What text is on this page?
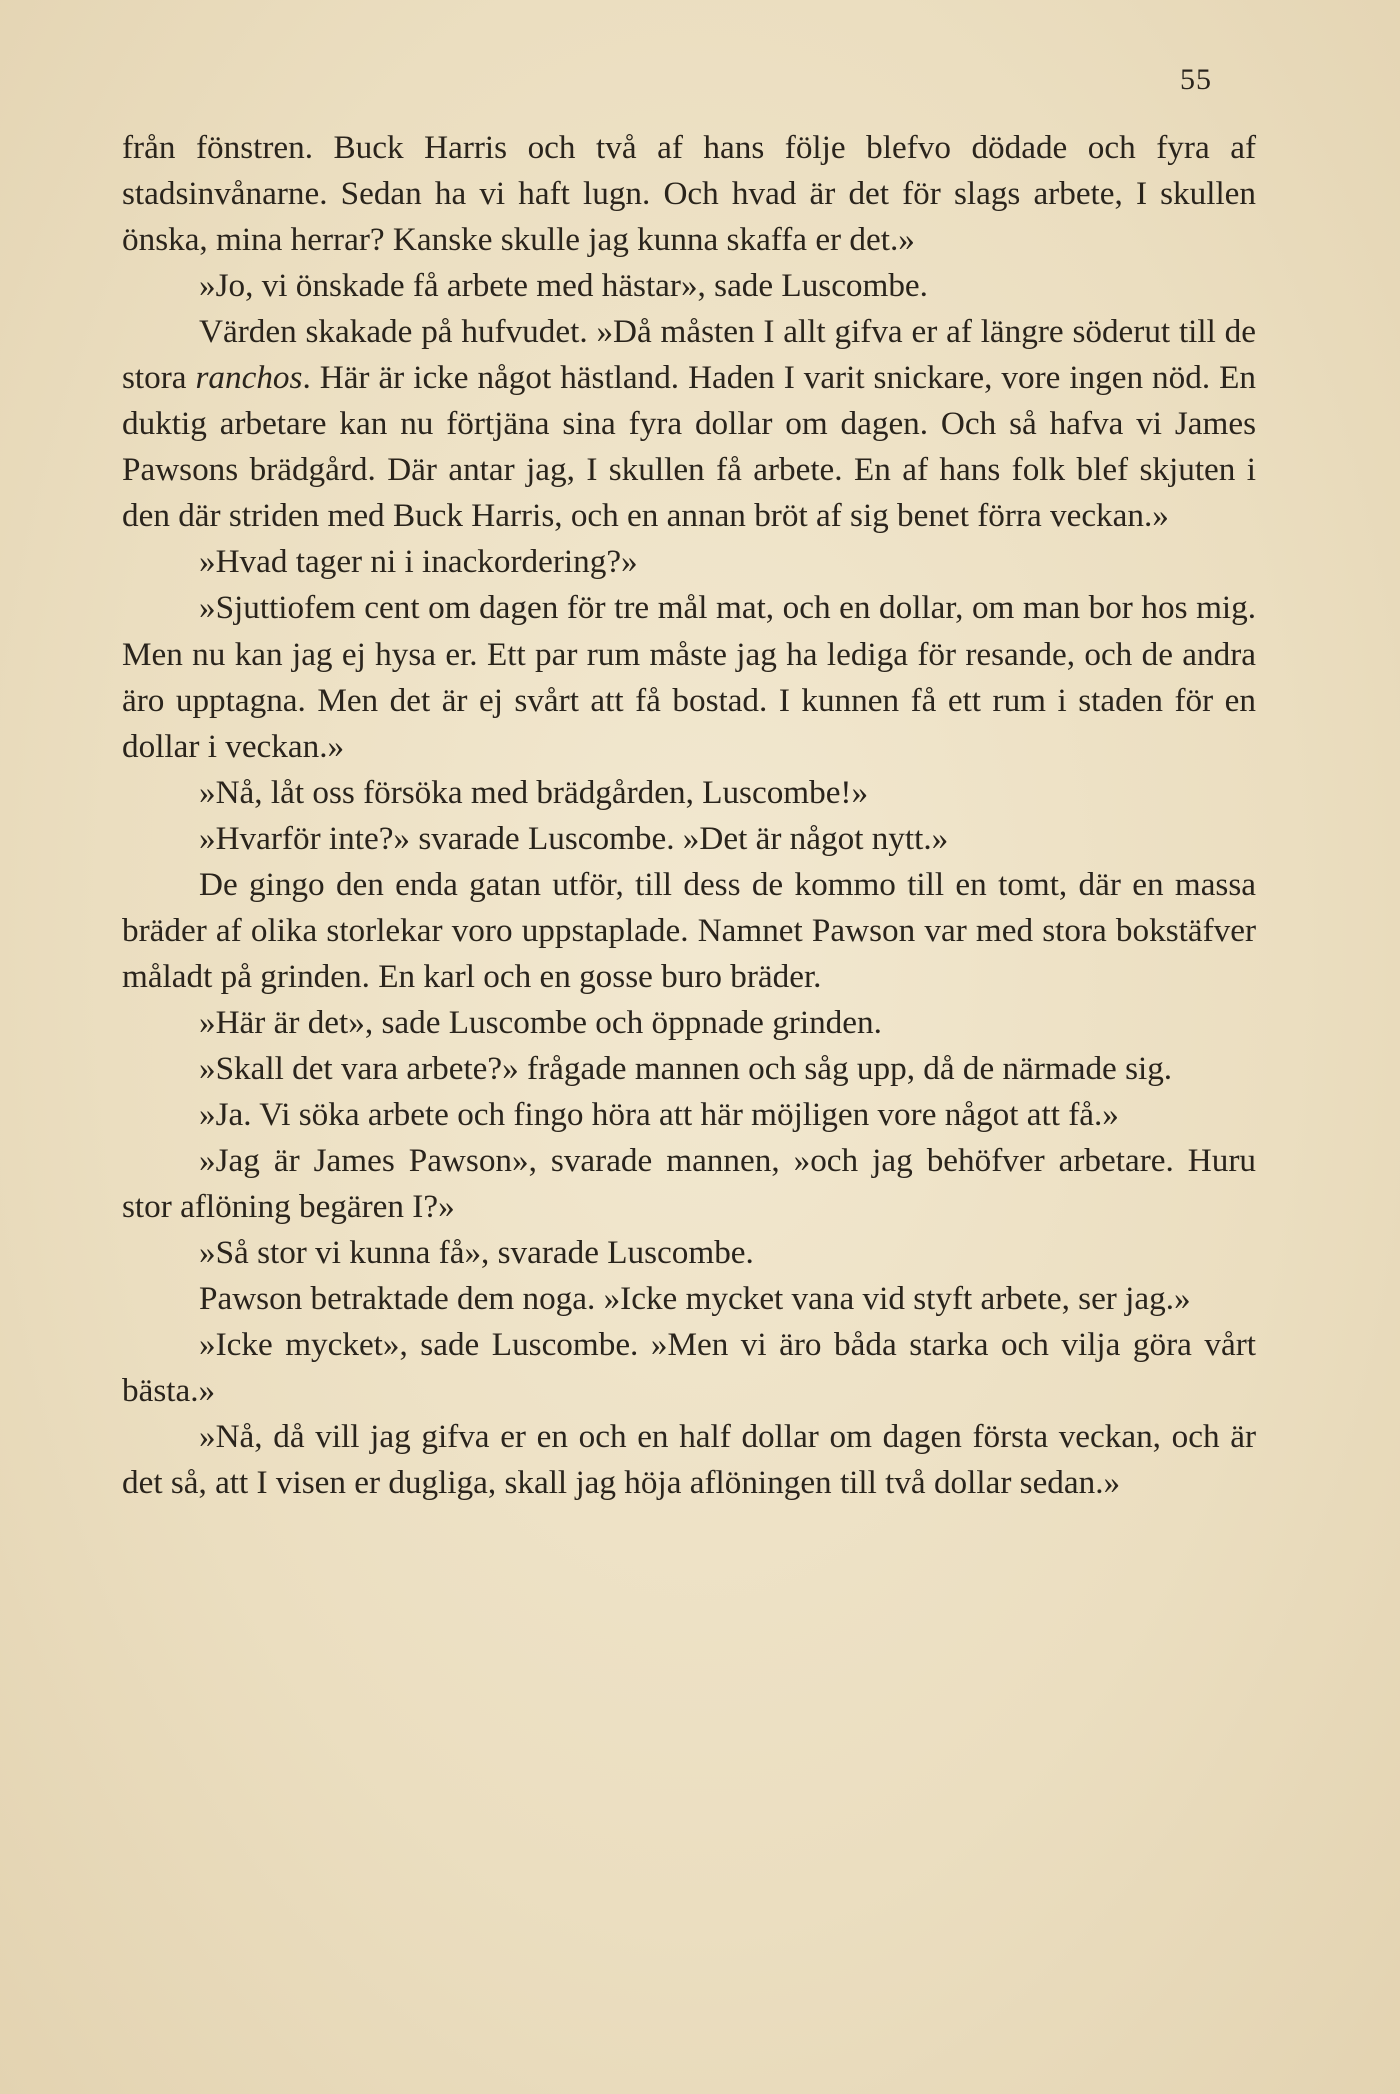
55

från fönstren. Buck Harris och två af hans följe blefvo dödade och fyra af stadsinvånarne. Sedan ha vi haft lugn. Och hvad är det för slags arbete, I skullen önska, mina herrar? Kanske skulle jag kunna skaffa er det.»

»Jo, vi önskade få arbete med hästar», sade Luscombe.

Värden skakade på hufvudet. »Då måsten I allt gifva er af längre söderut till de stora ranchos. Här är icke något hästland. Haden I varit snickare, vore ingen nöd. En duktig arbetare kan nu förtjäna sina fyra dollar om dagen. Och så hafva vi James Pawsons brädgård. Där antar jag, I skullen få arbete. En af hans folk blef skjuten i den där striden med Buck Harris, och en annan bröt af sig benet förra veckan.»

»Hvad tager ni i inackordering?»

»Sjuttiofem cent om dagen för tre mål mat, och en dollar, om man bor hos mig. Men nu kan jag ej hysa er. Ett par rum måste jag ha lediga för resande, och de andra äro upptagna. Men det är ej svårt att få bostad. I kunnen få ett rum i staden för en dollar i veckan.»

»Nå, låt oss försöka med brädgården, Luscombe!»

»Hvarför inte?» svarade Luscombe. »Det är något nytt.»

De gingo den enda gatan utför, till dess de kommo till en tomt, där en massa bräder af olika storlekar voro uppstaplade. Namnet Pawson var med stora bokstäfver måladt på grinden. En karl och en gosse buro bräder.

»Här är det», sade Luscombe och öppnade grinden.

»Skall det vara arbete?» frågade mannen och såg upp, då de närmade sig.

»Ja. Vi söka arbete och fingo höra att här möjligen vore något att få.»

»Jag är James Pawson», svarade mannen, »och jag behöfver arbetare. Huru stor aflöning begären I?»

»Så stor vi kunna få», svarade Luscombe.

Pawson betraktade dem noga. »Icke mycket vana vid styft arbete, ser jag.»

»Icke mycket», sade Luscombe. »Men vi äro båda starka och vilja göra vårt bästa.»

»Nå, då vill jag gifva er en och en half dollar om dagen första veckan, och är det så, att I visen er dugliga, skall jag höja aflöningen till två dollar sedan.»
